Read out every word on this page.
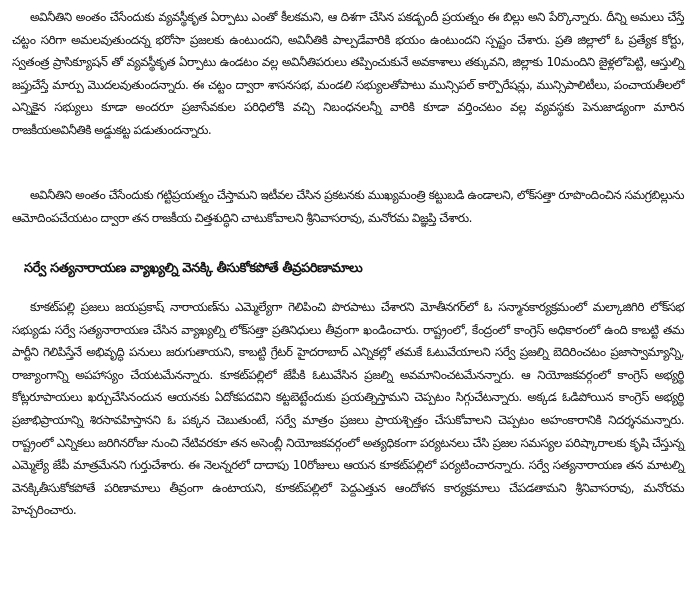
అవినీతిని అంతం చేసేందుకు వ్యవస్థీకృత ఏర్పాటు ఎంతో కీలకమని, ఆ దిశగా చేసిన పకడ్బందీ ప్రయత్నం ఈ బిల్లు అని పేర్కొన్నారు. దీన్ని అమలు చేస్తే చట్టం సరిగా అమలవుతుందన్న భరోసా ప్రజలకు ఉంటుందని, అవినీతికి పాల్పడేవారికి భయం ఉంటుందని స్పష్టం చేశారు. ప్రతి జిల్లాలో ఓ ప్రత్యేక కోర్టు, స్వతంత్ర ప్రాసిక్యూషన్ తో వ్యవస్థీకృత ఏర్పాటు ఉండటం వల్ల అవినీతిపరులు తప్పించుకునే అవకాశాలు తక్కువని, జిల్లాకు 10మందిని జైళ్లలోపెట్టి, ఆస్తుల్ని జప్తుచేస్తే మార్పు మొదలవుతుందన్నారు. ఈ చట్టం ద్వారా శాసనసభ, మండలి సభ్యులతోపాటు మున్సిపల్ కార్పొరేషన్లు, మున్సిపాలిటీలు, పంచాయతీలలో ఎన్నికైన సభ్యులు కూడా అందరూ ప్రజాసేవకుల పరిధిలోకి వచ్చి నిబంధనలన్నీ వారికి కూడా వర్తించటం వల్ల వ్యవస్థకు పెనుజాడ్యంగా మారిన రాజకీయఅవినీతికి అడ్డుకట్ట పడుతుందన్నారు.

అవినీతిని అంతం చేసేందుకు గట్టిప్రయత్నం చేస్తామని ఇటీవల చేసిన ప్రకటనకు ముఖ్యమంత్రి కట్టుబడి ఉండాలని, లోక్‌సత్తా రూపొందించిన సమగ్రబిల్లును ఆమోదింపచేయటం ద్వారా తన రాజకీయ చిత్తశుద్ధిని చాటుకోవాలని శ్రీనివాసరావు, మనోరమ విజ్ఞప్తి చేశారు.

సర్వే సత్యనారాయణ వ్యాఖ్యల్ని వెనక్కి తీసుకోకపోతే తీవ్రపరిణామాలు

కూకట్‌పల్లి ప్రజలు జయప్రకాష్ నారాయణ్‌ను ఎమ్మెల్యేగా గెలిపించి పొరపాటు చేశారని మోతీనగర్‌లో ఓ సన్మానకార్యక్రమంలో మల్కాజిగిరి లోక్‌సభ సభ్యుడు సర్వే సత్యనారాయణ చేసిన వ్యాఖ్యల్ని లోక్‌సత్తా ప్రతినిధులు తీవ్రంగా ఖండించారు. రాష్ట్రంలో, కేంద్రంలో కాంగ్రెస్ అధికారంలో ఉంది కాబట్టి తమ పార్టీని గెలిపిస్తేనే అభివృద్ధి పనులు జరుగుతాయని, కాబట్టి గ్రేటర్ హైదరాబాద్ ఎన్నికల్లో తమకే ఓటువేయాలని సర్వే ప్రజల్ని బెదిరించటం ప్రజాస్వామ్యాన్ని, రాజ్యాంగాన్ని అపహాస్యం చేయటమేనన్నారు. కూకట్‌పల్లిలో జేపీకి ఓటువేసిన ప్రజల్ని అవమానించటమేనన్నారు. ఆ నియోజకవర్గంలో కాంగ్రెస్ అభ్యర్థి కోట్లరూపాయలు ఖర్చుచేసినందున ఆయనకు ఏదోకపదవిని కట్టబెట్టేందుకు ప్రయత్నిస్తామని చెప్పటం సిగ్గుచేటన్నారు. అక్కడ ఓడిపోయిన కాంగ్రెస్ అభ్యర్థి ప్రజాభిప్రాయాన్ని శిరసావహిస్తానని ఓ పక్కన చెబుతుంటే, సర్వే మాత్రం ప్రజలు ప్రాయశ్చిత్తం చేసుకోవాలని చెప్పటం అహంకారానికి నిదర్శనమన్నారు. రాష్ట్రంలో ఎన్నికలు జరిగినరోజు నుంచి నేటివరకూ తన అసెంబ్లీ నియోజకవర్గంలో అత్యధికంగా పర్యటనలు చేసి ప్రజల సమస్యల పరిష్కారాలకు కృషి చేస్తున్న ఎమ్మెల్యే జేపీ మాత్రమేనని గుర్తుచేశారు. ఈ నెలన్నరలో దాదాపు 10రోజులు ఆయన కూకట్‌పల్లిలో పర్యటించారన్నారు. సర్వే సత్యనారాయణ తన మాటల్ని వెనక్కితీసుకోకపోతే పరిణామాలు తీవ్రంగా ఉంటాయని, కూకట్‌పల్లిలో పెద్దఎత్తున ఆందోళన కార్యక్రమాలు చేపడతామని శ్రీనివాసరావు, మనోరమ హెచ్చరించారు.
